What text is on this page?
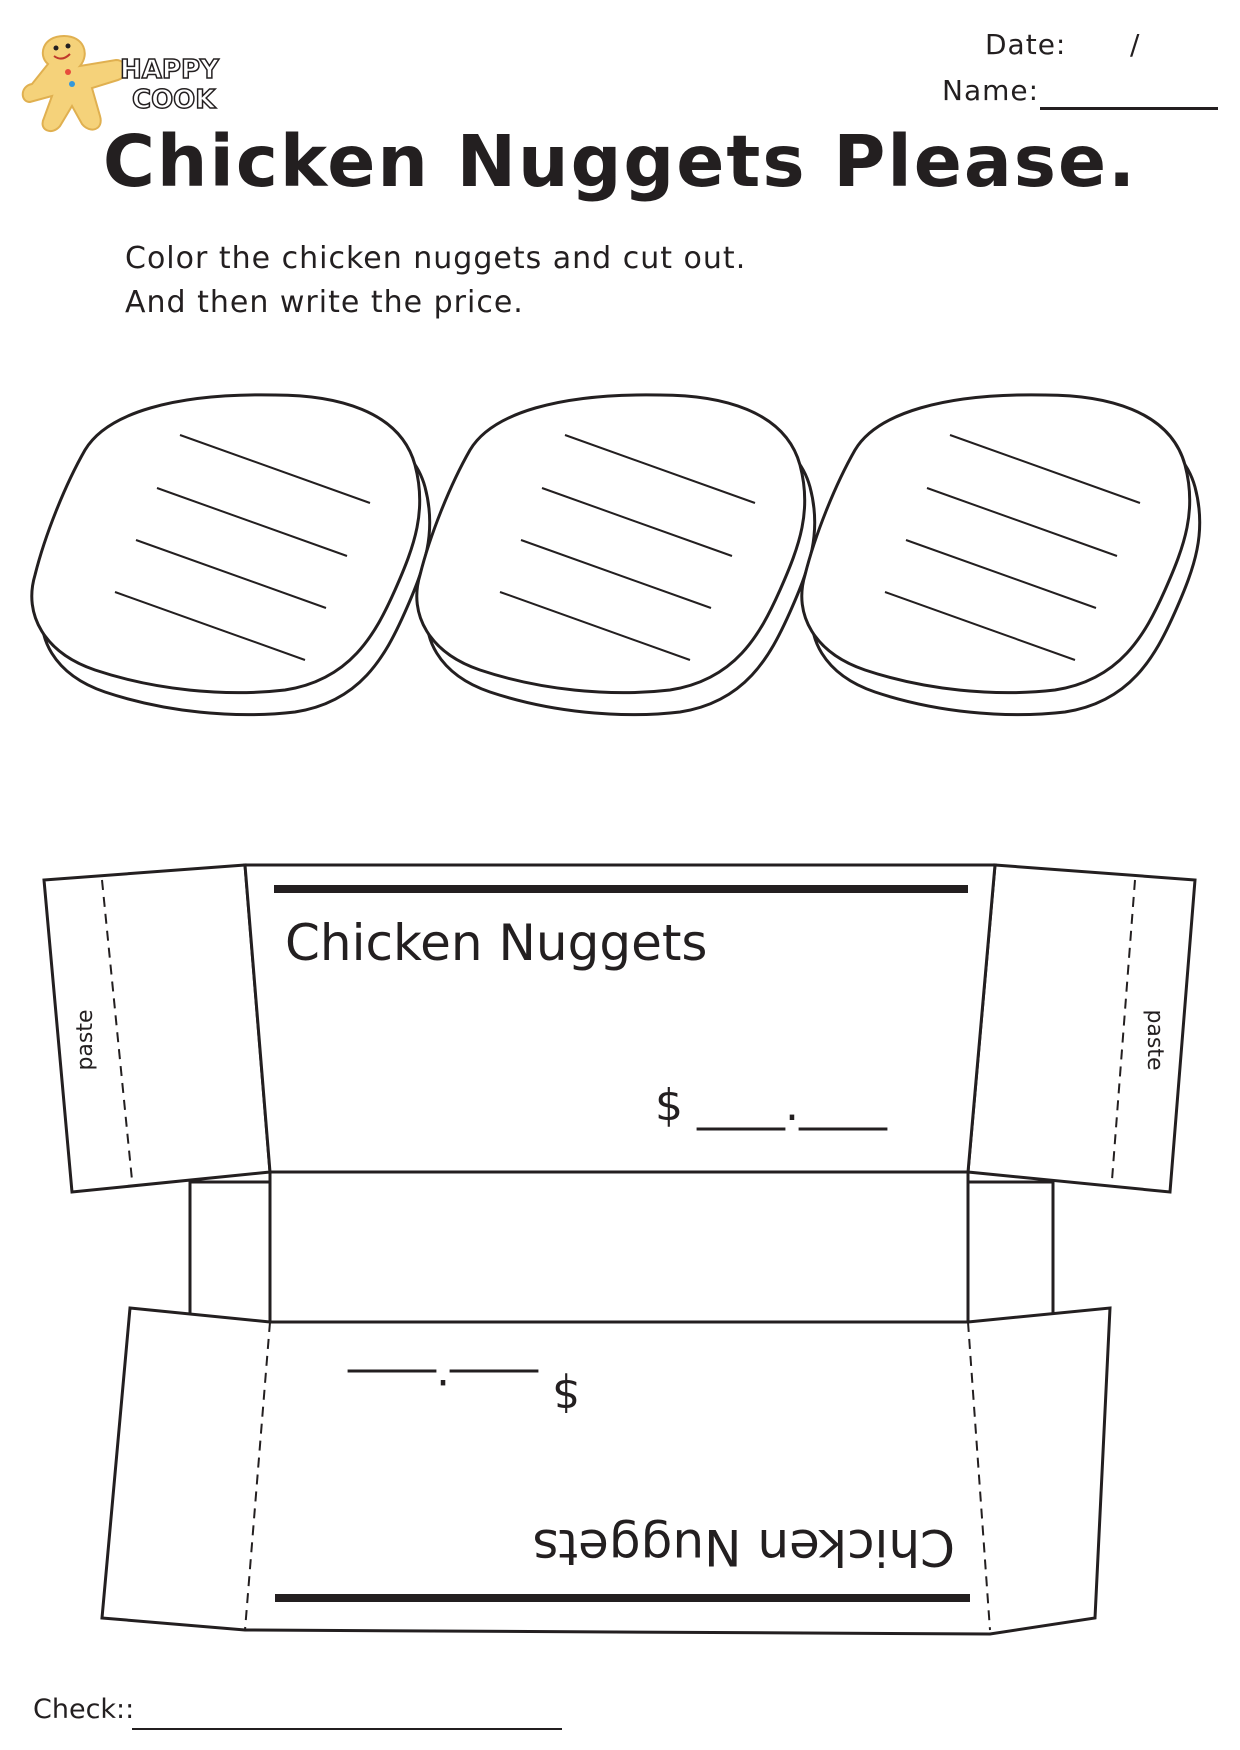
HAPPY
COOK
Date: /
Name:
Chicken Nuggets Please.
Color the chicken nuggets and cut out.
And then write the price.
Chicken Nuggets
$ ____.____
Chicken Nuggets
$ ____.____
paste	paste
Check::
